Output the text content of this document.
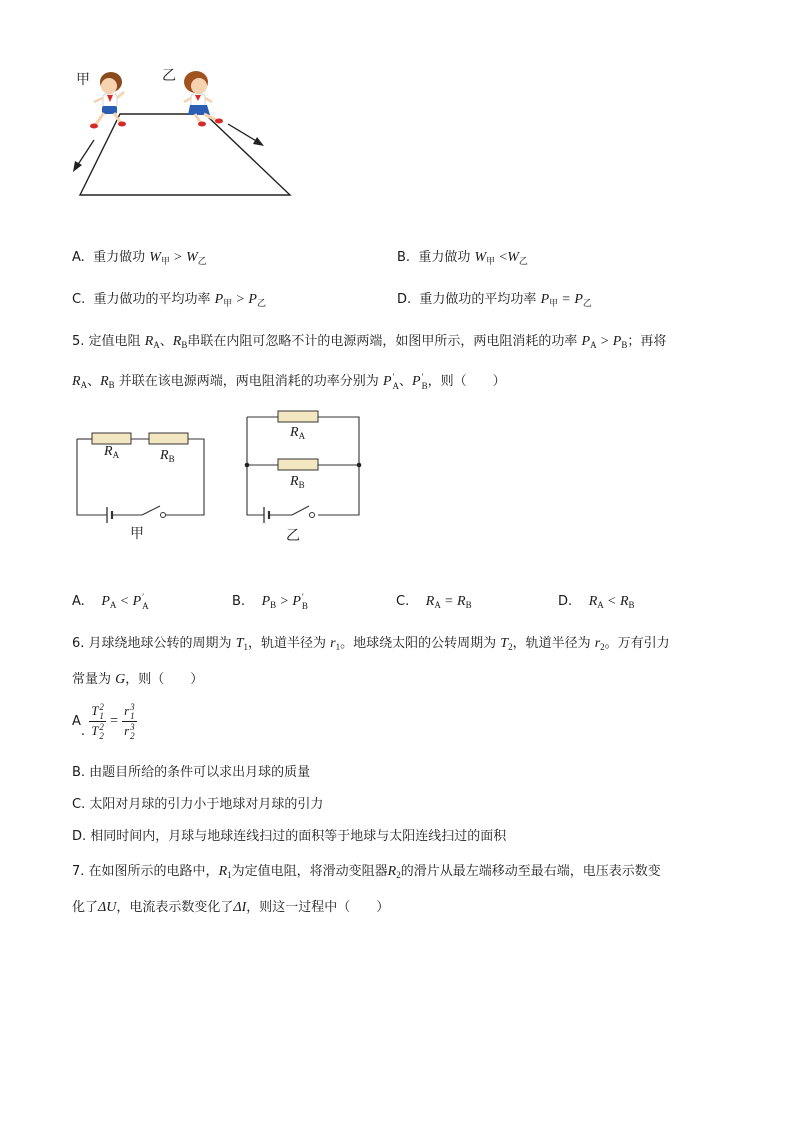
甲	乙
A. 重力做功 $W_甲 > W_乙$	B. 重力做功 $W_甲 <W_乙$
C. 重力做功的平均功率 $P_甲 > P_乙$	D. 重力做功的平均功率 $P_甲 = P_乙$
5. 定值电阻 $R_A$、$R_B$串联在内阻可忽略不计的电源两端，如图甲所示，两电阻消耗的功率 $P_A > P_B$；再将
$R_A$、$R_B$ 并联在该电源两端，两电阻消耗的功率分别为 P ′
A 、P ′
B ，则（　　）
$R_A$	$R_B$
甲
$R_A$
$R_B$
乙
A. $P_A < P$ ′
A	B. $P_B > P$ ′
B	C. $R_A = R_B$	D. $R_A < R_B$
6. 月球绕地球公转的周期为 $T_1$，轨道半径为 $r_1$。地球绕太阳的公转周期为 $T_2$，轨道半径为 $r_2$。万有引力
常量为 G，则（　　）
A. T 2
1
T 2
2 = r 3
1
r 3
2
B. 由题目所给的条件可以求出月球的质量
C. 太阳对月球的引力小于地球对月球的引力
D. 相同时间内，月球与地球连线扫过的面积等于地球与太阳连线扫过的面积
7. 在如图所示的电路中，$R_1$为定值电阻，将滑动变阻器$R_2$的滑片从最左端移动至最右端，电压表示数变
化了ΔU，电流表示数变化了ΔI，则这一过程中（　　）
